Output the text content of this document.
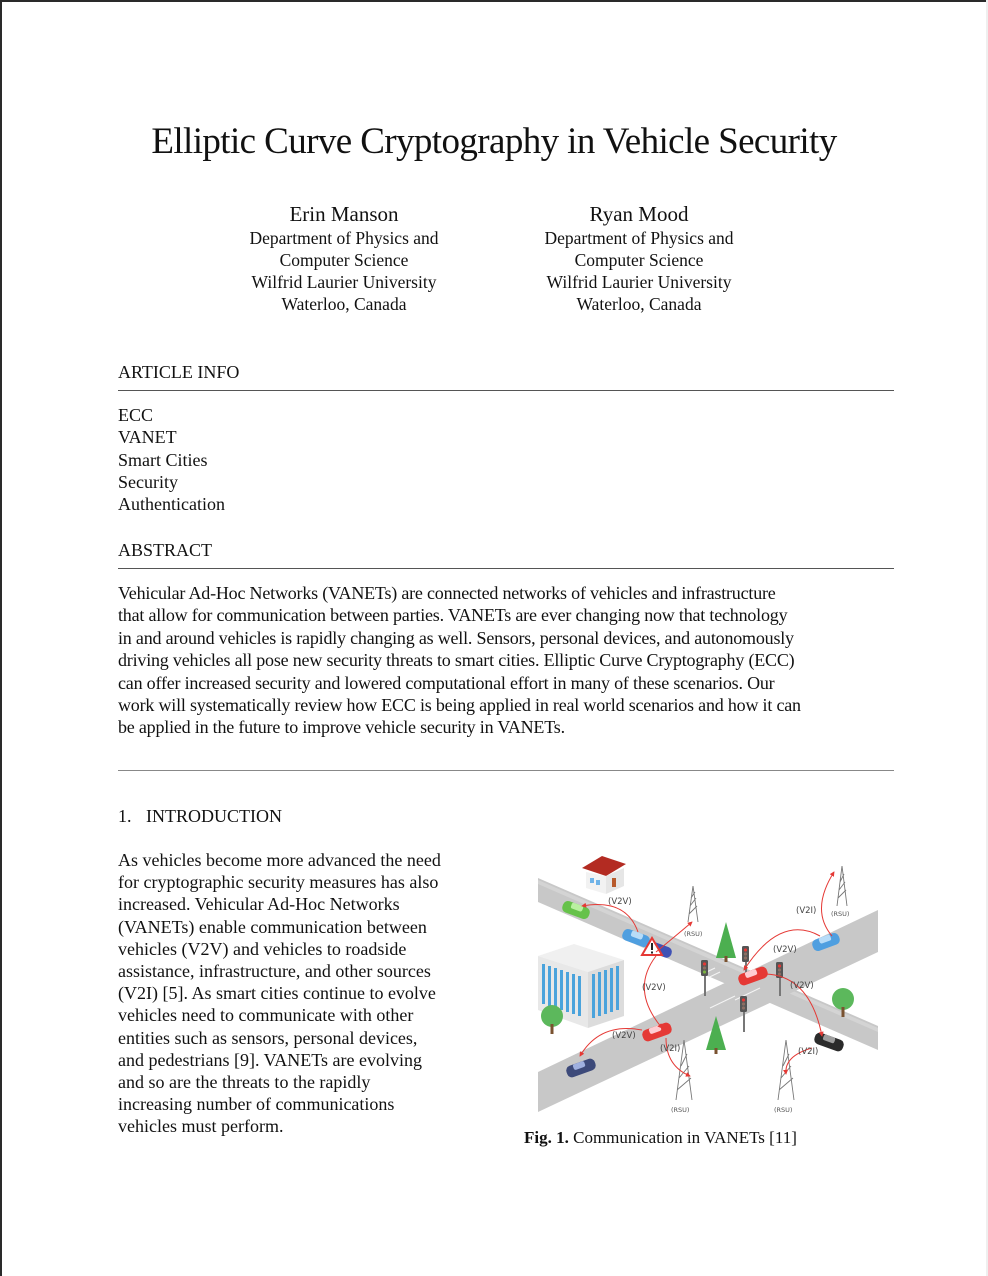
Elliptic Curve Cryptography in Vehicle Security
Erin Manson
Department of Physics and
Computer Science
Wilfrid Laurier University
Waterloo, Canada
Ryan Mood
Department of Physics and
Computer Science
Wilfrid Laurier University
Waterloo, Canada
ARTICLE INFO
ECC
VANET
Smart Cities
Security
Authentication
ABSTRACT
Vehicular Ad-Hoc Networks (VANETs) are connected networks of vehicles and infrastructure
that allow for communication between parties. VANETs are ever changing now that technology
in and around vehicles is rapidly changing as well. Sensors, personal devices, and autonomously
driving vehicles all pose new security threats to smart cities. Elliptic Curve Cryptography (ECC)
can offer increased security and lowered computational effort in many of these scenarios. Our
work will systematically review how ECC is being applied in real world scenarios and how it can
be applied in the future to improve vehicle security in VANETs.
1. INTRODUCTION
As vehicles become more advanced the need
for cryptographic security measures has also
increased. Vehicular Ad-Hoc Networks
(VANETs) enable communication between
vehicles (V2V) and vehicles to roadside
assistance, infrastructure, and other sources
(V2I) [5]. As smart cities continue to evolve
vehicles need to communicate with other
entities such as sensors, personal devices,
and pedestrians [9]. VANETs are evolving
and so are the threats to the rapidly
increasing number of communications
vehicles must perform.
(V2V)
(V2V)
(V2V)
(V2V)
(V2V)
(V2I)
(V2I)	(V2I)
(RSU)
(RSU)
(RSU)	(RSU)
Fig. 1. Communication in VANETs [11]
